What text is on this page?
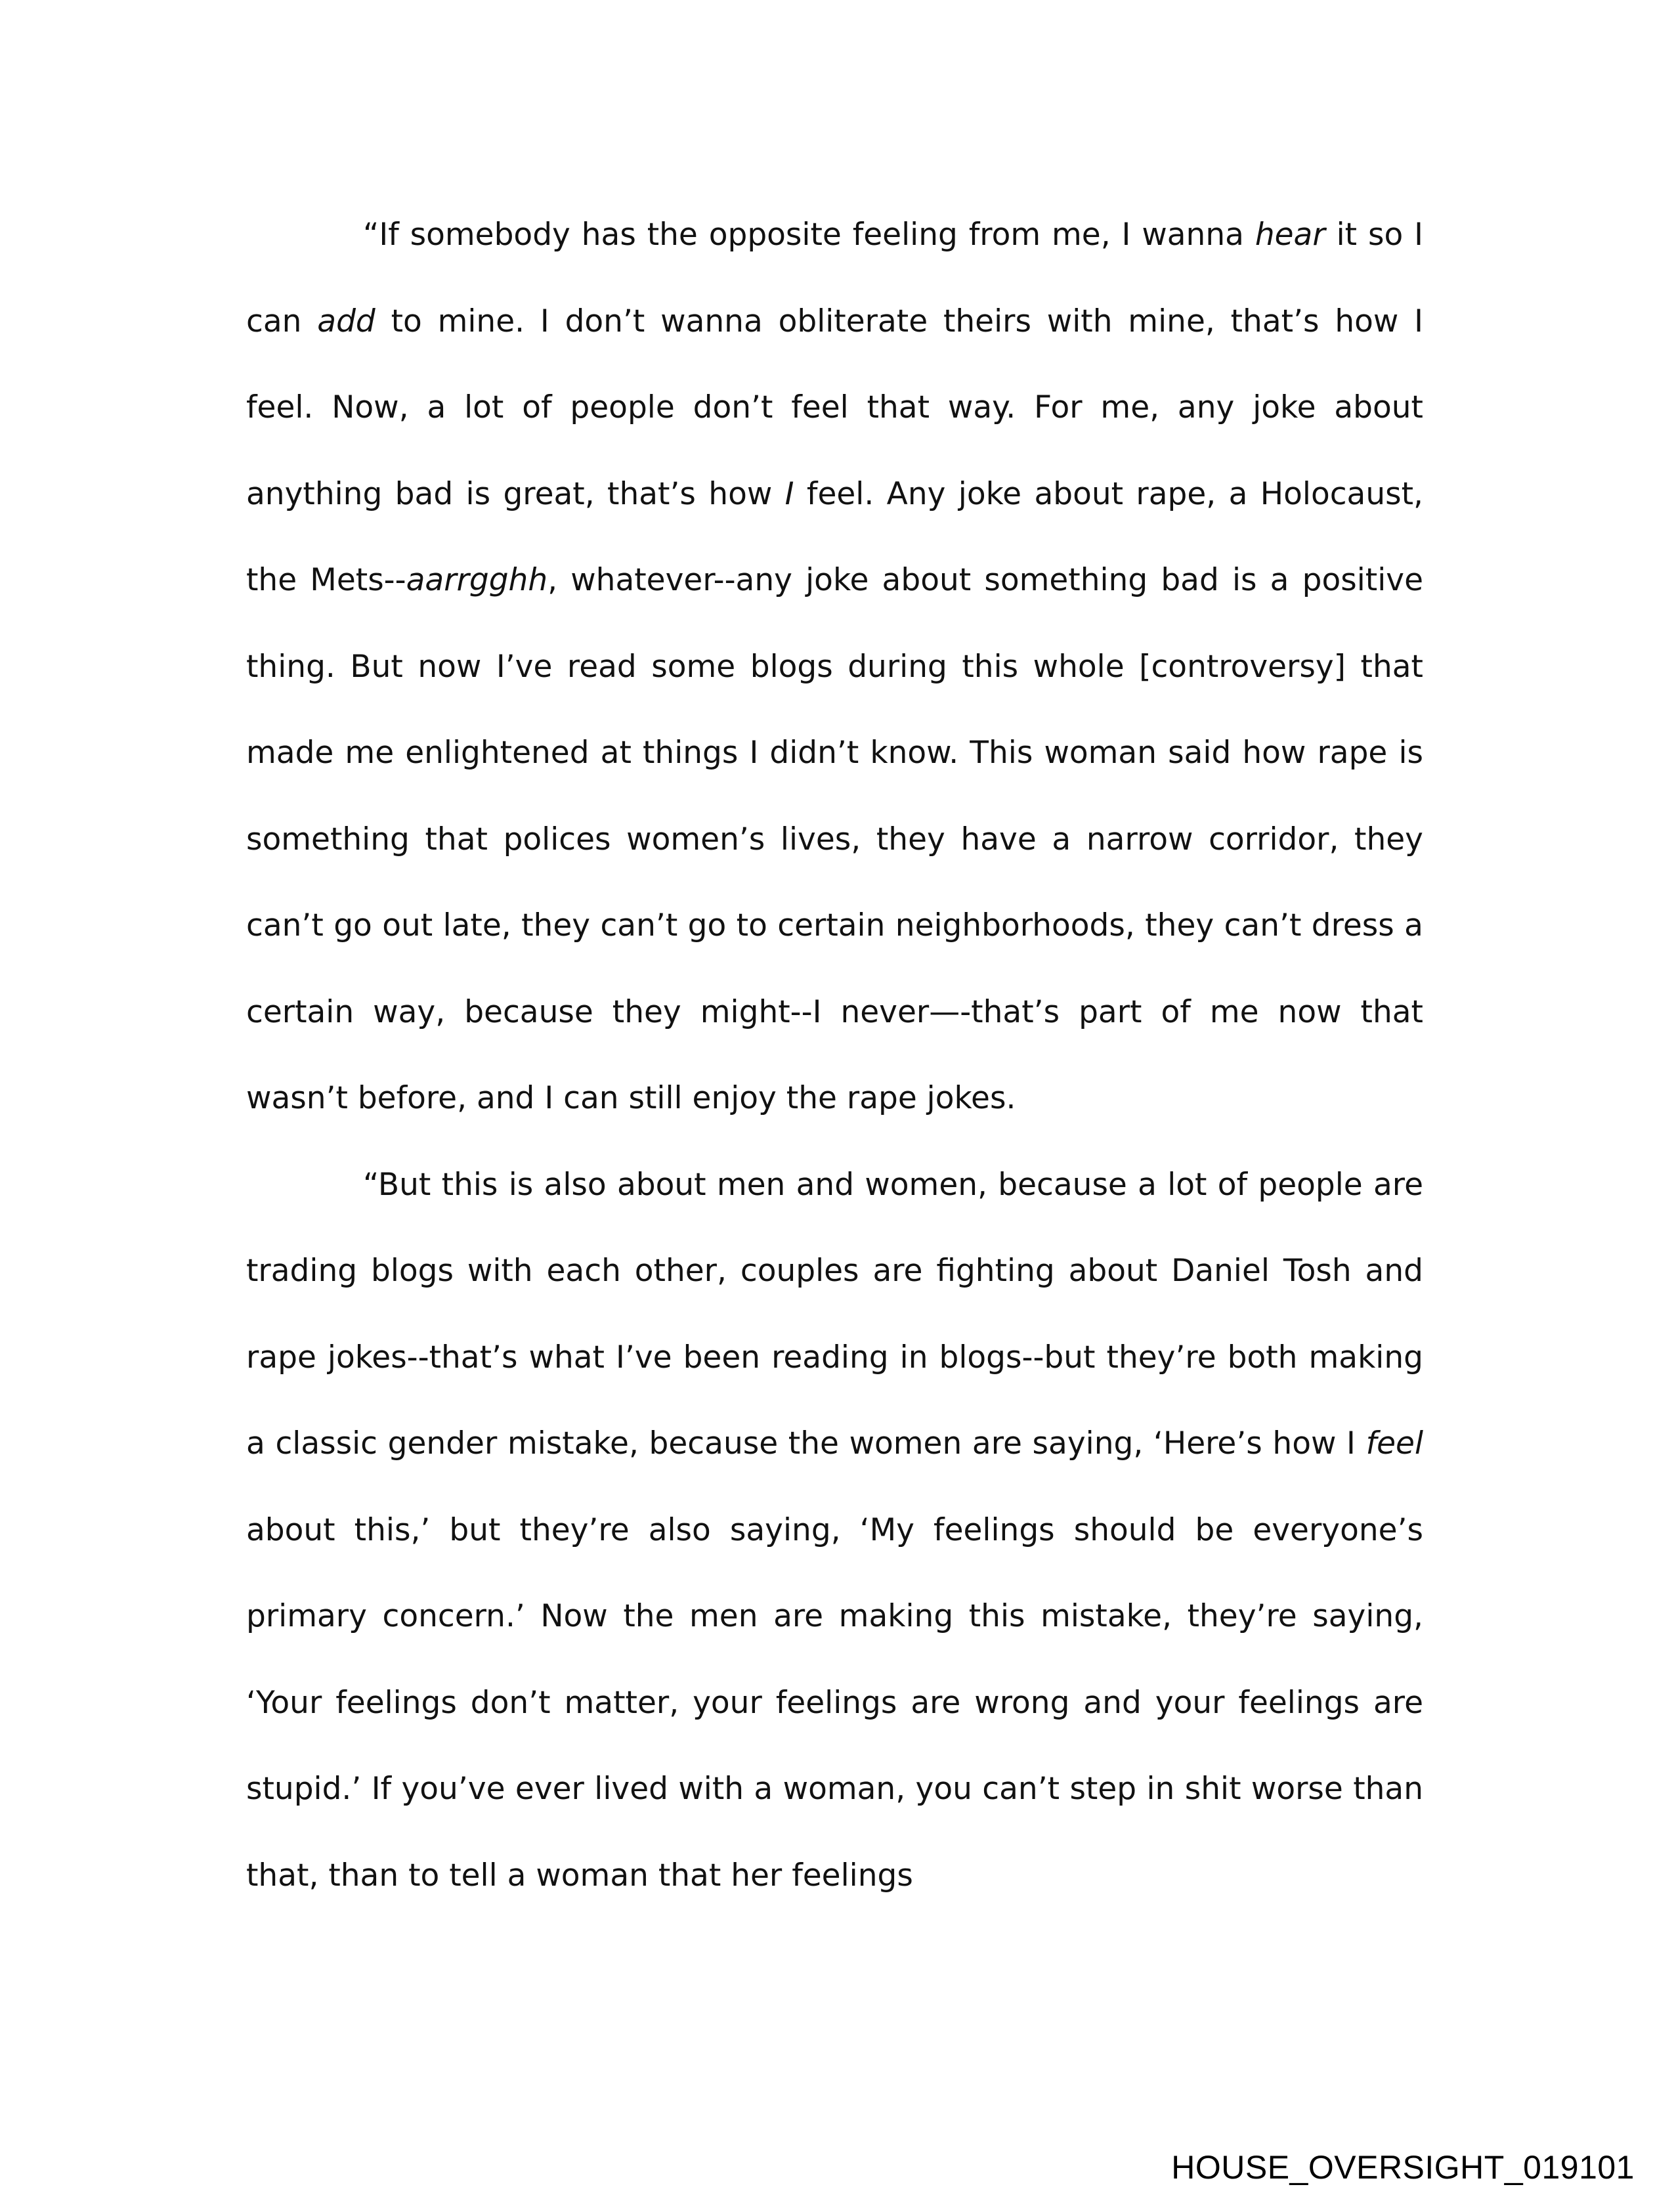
“If somebody has the opposite feeling from me, I wanna hear it so I can add to mine. I don’t wanna obliterate theirs with mine, that’s how I feel. Now, a lot of people don’t feel that way. For me, any joke about anything bad is great, that’s how I feel. Any joke about rape, a Holocaust, the Mets--aarrgghh, whatever--any joke about something bad is a positive thing. But now I’ve read some blogs during this whole [controversy] that made me enlightened at things I didn’t know. This woman said how rape is something that polices women’s lives, they have a narrow corridor, they can’t go out late, they can’t go to certain neighborhoods, they can’t dress a certain way, because they might--I never—-that’s part of me now that wasn’t before, and I can still enjoy the rape jokes.

“But this is also about men and women, because a lot of people are trading blogs with each other, couples are fighting about Daniel Tosh and rape jokes--that’s what I’ve been reading in blogs--but they’re both making a classic gender mistake, because the women are saying, ‘Here’s how I feel about this,’ but they’re also saying, ‘My feelings should be everyone’s primary concern.’ Now the men are making this mistake, they’re saying, ‘Your feelings don’t matter, your feelings are wrong and your feelings are stupid.’ If you’ve ever lived with a woman, you can’t step in shit worse than that, than to tell a woman that her feelings

HOUSE_OVERSIGHT_019101
